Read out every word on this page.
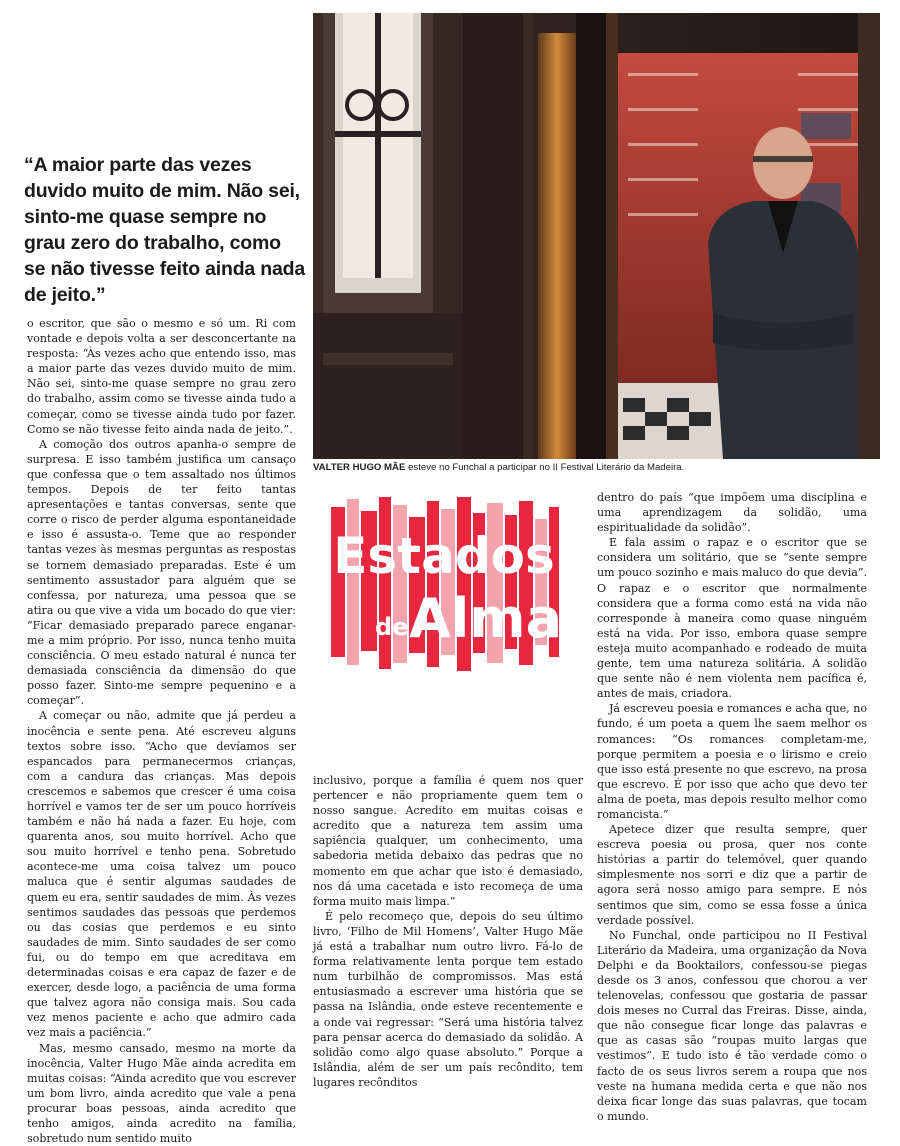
“A maior parte das vezes duvido muito de mim. Não sei, sinto-me quase sempre no grau zero do trabalho, como se não tivesse feito ainda nada de jeito.”
VALTER HUGO MÃE esteve no Funchal a participar no II Festival Literário da Madeira.
Estados
de Alma

o escritor, que são o mesmo e só um. Ri com vontade e depois volta a ser desconcertante na resposta: “Às vezes acho que entendo isso, mas a maior parte das vezes duvido muito de mim. Não sei, sinto-me quase sempre no grau zero do trabalho, assim como se tivesse ainda tudo a começar, como se tivesse ainda tudo por fazer. Como se não tivesse feito ainda nada de jeito.”.

A comoção dos outros apanha-o sempre de surpresa. E isso também justifica um cansaço que confessa que o tem assaltado nos últimos tempos. Depois de ter feito tantas apresentações e tantas conversas, sente que corre o risco de perder alguma espontaneidade e isso é assusta-o. Teme que ao responder tantas vezes às mesmas perguntas as respostas se tornem demasiado preparadas. Este é um sentimento assustador para alguém que se confessa, por natureza, uma pessoa que se atira ou que vive a vida um bocado do que vier: “Ficar demasiado preparado parece enganar-me a mim próprio. Por isso, nunca tenho muita consciência. O meu estado natural é nunca ter demasiada consciência da dimensão do que posso fazer. Sinto-me sempre pequenino e a começar”.

A começar ou não, admite que já perdeu a inocência e sente pena. Até escreveu alguns textos sobre isso. “Acho que devíamos ser espancados para permanecermos crianças, com a candura das crianças. Mas depois crescemos e sabemos que crescer é uma coisa horrível e vamos ter de ser um pouco horríveis também e não há nada a fazer. Eu hoje, com quarenta anos, sou muito horrível. Acho que sou muito horrível e tenho pena. Sobretudo acontece-me uma coisa talvez um pouco maluca que é sentir algumas saudades de quem eu era, sentir saudades de mim. Às vezes sentimos saudades das pessoas que perdemos ou das cosias que perdemos e eu sinto saudades de mim. Sinto saudades de ser como fui, ou do tempo em que acreditava em determinadas coisas e era capaz de fazer e de exercer, desde logo, a paciência de uma forma que talvez agora não consiga mais. Sou cada vez menos paciente e acho que admiro cada vez mais a paciência.”

Mas, mesmo cansado, mesmo na morte da inocência, Valter Hugo Mãe ainda acredita em muitas coisas: “Ainda acredito que vou escrever um bom livro, ainda acredito que vale a pena procurar boas pessoas, ainda acredito que tenho amigos, ainda acredito na família, sobretudo num sentido muito

inclusivo, porque a família é quem nos quer pertencer e não propriamente quem tem o nosso sangue. Acredito em muitas coisas e acredito que a natureza tem assim uma sapiência qualquer, um conhecimento, uma sabedoria metida debaixo das pedras que no momento em que achar que isto é demasiado, nos dá uma cacetada e isto recomeça de uma forma muito mais limpa.”

É pelo recomeço que, depois do seu último livro, ‘Filho de Mil Homens’, Valter Hugo Mãe já está a trabalhar num outro livro. Fá-lo de forma relativamente lenta porque tem estado num turbilhão de compromissos. Mas está entusiasmado a escrever uma história que se passa na Islândia, onde esteve recentemente e a onde vai regressar: “Será uma história talvez para pensar acerca do demasiado da solidão. A solidão como algo quase absoluto.” Porque a Islândia, além de ser um país recôndito, tem lugares recônditos

dentro do país “que impõem uma disciplina e uma aprendizagem da solidão, uma espiritualidade da solidão”.

E fala assim o rapaz e o escritor que se considera um solitário, que se “sente sempre um pouco sozinho e mais maluco do que devia”. O rapaz e o escritor que normalmente considera que a forma como está na vida não corresponde à maneira como quase ninguém está na vida. Por isso, embora quase sempre esteja muito acompanhado e rodeado de muita gente, tem uma natureza solitária. A solidão que sente não é nem violenta nem pacífica é, antes de mais, criadora.

Já escreveu poesia e romances e acha que, no fundo, é um poeta a quem lhe saem melhor os romances: “Os romances completam-me, porque permitem a poesia e o lirismo e creio que isso está presente no que escrevo, na prosa que escrevo. É por isso que acho que devo ter alma de poeta, mas depois resulto melhor como romancista.”

Apetece dizer que resulta sempre, quer escreva poesia ou prosa, quer nos conte histórias a partir do telemóvel, quer quando simplesmente nos sorri e diz que a partir de agora será nosso amigo para sempre. E nós sentimos que sim, como se essa fosse a única verdade possível.

No Funchal, onde participou no II Festival Literário da Madeira, uma organização da Nova Delphi e da Booktailors, confessou-se piegas desde os 3 anos, confessou que chorou a ver telenovelas, confessou que gostaria de passar dois meses no Curral das Freiras. Disse, ainda, que não consegue ficar longe das palavras e que as casas são “roupas muito largas que vestimos”. E tudo isto é tão verdade como o facto de os seus livros serem a roupa que nos veste na humana medida certa e que não nos deixa ficar longe das suas palavras, que tocam o mundo.
